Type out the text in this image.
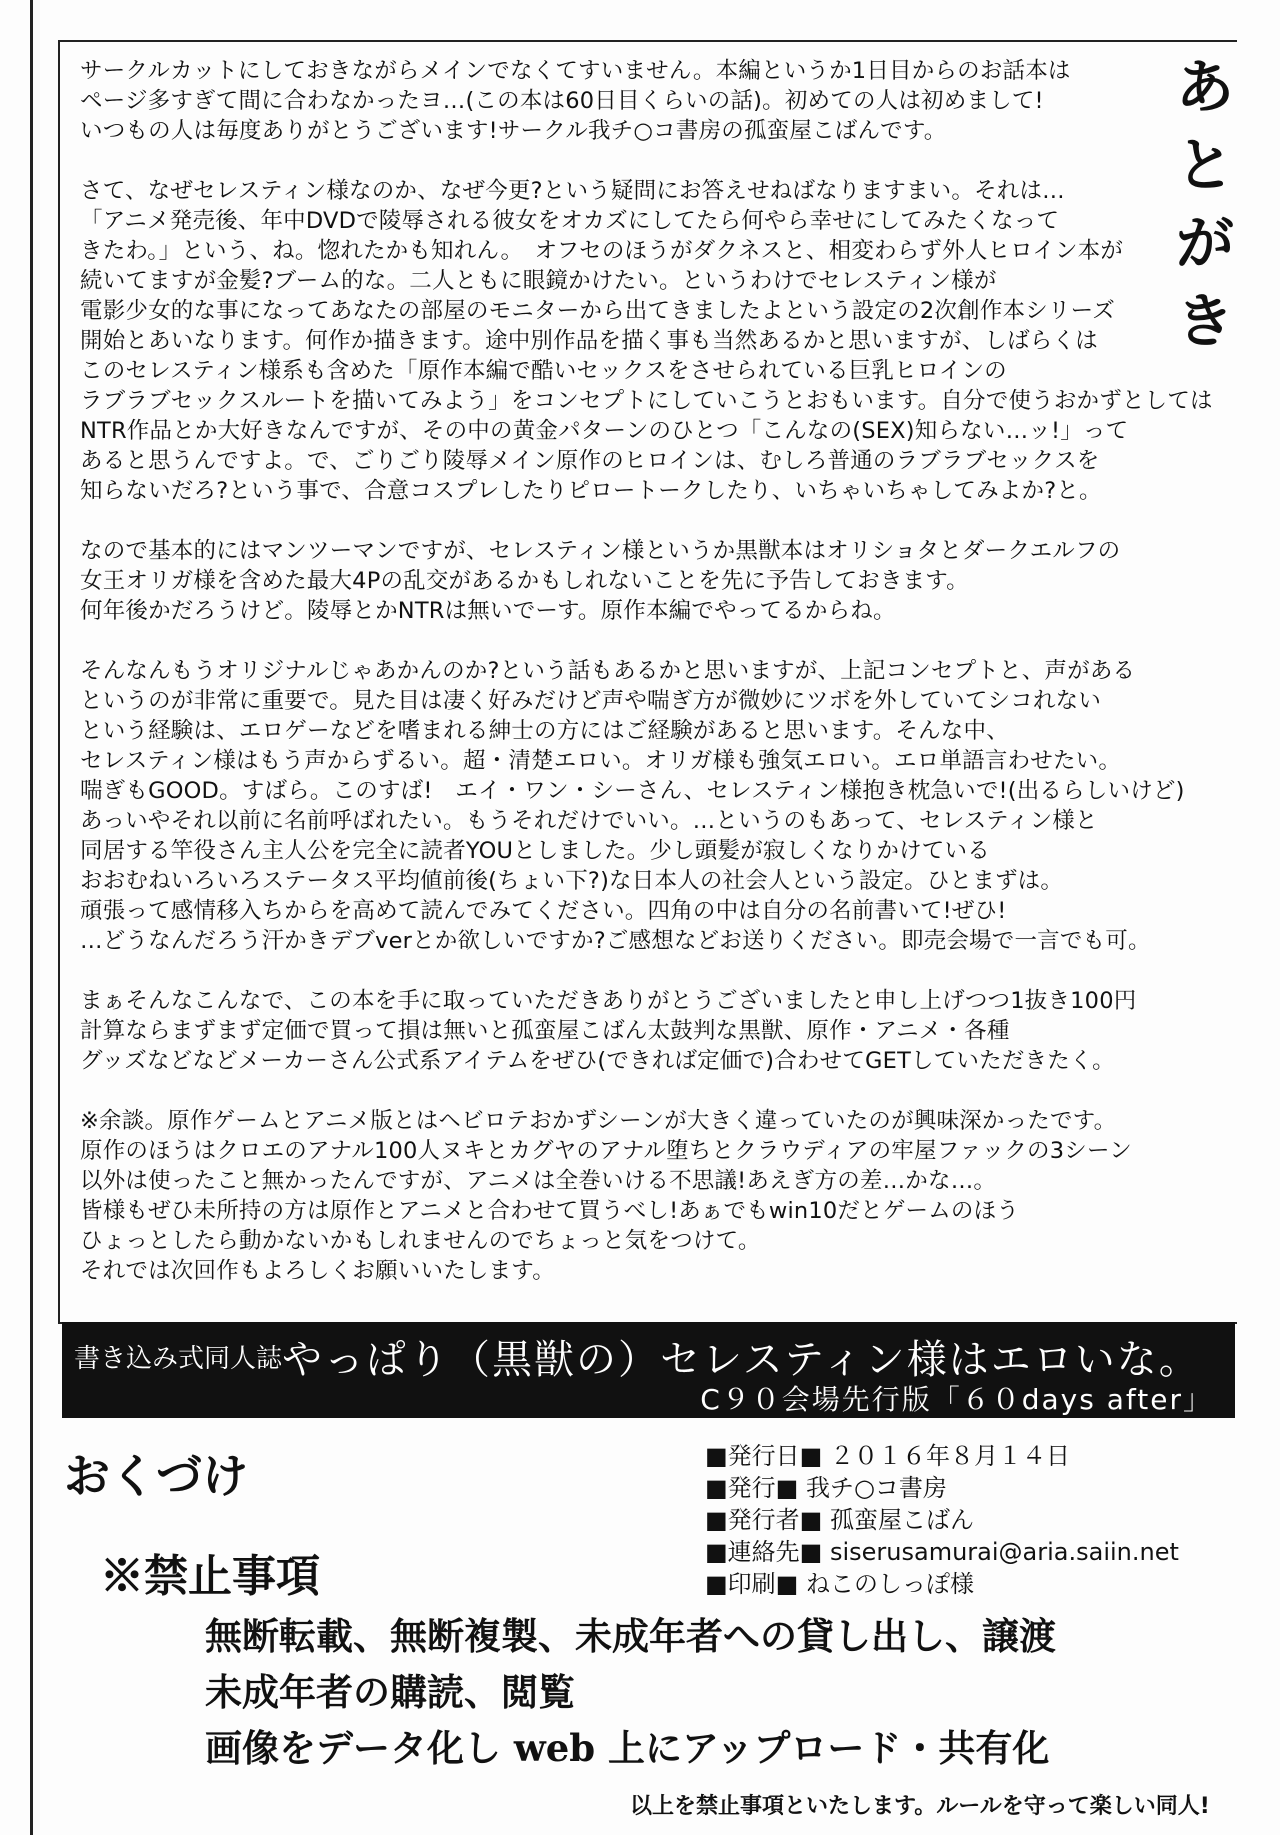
あ
と
が
き
サークルカットにしておきながらメインでなくてすいません。本編というか1日目からのお話本は
ページ多すぎて間に合わなかったヨ…(この本は60日目くらいの話)。初めての人は初めまして!
いつもの人は毎度ありがとうございます!サークル我チ○コ書房の孤蛮屋こばんです。
さて、なぜセレスティン様なのか、なぜ今更?という疑問にお答えせねばなりますまい。それは…
「アニメ発売後、年中DVDで陵辱される彼女をオカズにしてたら何やら幸せにしてみたくなって
きたわ。」という、ね。惚れたかも知れん。　オフセのほうがダクネスと、相変わらず外人ヒロイン本が
続いてますが金髪?ブーム的な。二人ともに眼鏡かけたい。というわけでセレスティン様が
電影少女的な事になってあなたの部屋のモニターから出てきましたよという設定の2次創作本シリーズ
開始とあいなります。何作か描きます。途中別作品を描く事も当然あるかと思いますが、しばらくは
このセレスティン様系も含めた「原作本編で酷いセックスをさせられている巨乳ヒロインの
ラブラブセックスルートを描いてみよう」をコンセプトにしていこうとおもいます。自分で使うおかずとしては
NTR作品とか大好きなんですが、その中の黄金パターンのひとつ「こんなの(SEX)知らない…ッ!」って
あると思うんですよ。で、ごりごり陵辱メイン原作のヒロインは、むしろ普通のラブラブセックスを
知らないだろ?という事で、合意コスプレしたりピロートークしたり、いちゃいちゃしてみよか?と。
なので基本的にはマンツーマンですが、セレスティン様というか黒獣本はオリショタとダークエルフの
女王オリガ様を含めた最大4Pの乱交があるかもしれないことを先に予告しておきます。
何年後かだろうけど。陵辱とかNTRは無いでーす。原作本編でやってるからね。
そんなんもうオリジナルじゃあかんのか?という話もあるかと思いますが、上記コンセプトと、声がある
というのが非常に重要で。見た目は凄く好みだけど声や喘ぎ方が微妙にツボを外していてシコれない
という経験は、エロゲーなどを嗜まれる紳士の方にはご経験があると思います。そんな中、
セレスティン様はもう声からずるい。超・清楚エロい。オリガ様も強気エロい。エロ単語言わせたい。
喘ぎもGOOD。すばら。このすば!　エイ・ワン・シーさん、セレスティン様抱き枕急いで!(出るらしいけど)
あっいやそれ以前に名前呼ばれたい。もうそれだけでいい。…というのもあって、セレスティン様と
同居する竿役さん主人公を完全に読者YOUとしました。少し頭髪が寂しくなりかけている
おおむねいろいろステータス平均値前後(ちょい下?)な日本人の社会人という設定。ひとまずは。
頑張って感情移入ちからを高めて読んでみてください。四角の中は自分の名前書いて!ぜひ!
…どうなんだろう汗かきデブverとか欲しいですか?ご感想などお送りください。即売会場で一言でも可。
まぁそんなこんなで、この本を手に取っていただきありがとうございましたと申し上げつつ1抜き100円
計算ならまずまず定価で買って損は無いと孤蛮屋こばん太鼓判な黒獣、原作・アニメ・各種
グッズなどなどメーカーさん公式系アイテムをぜひ(できれば定価で)合わせてGETしていただきたく。
※余談。原作ゲームとアニメ版とはヘビロテおかずシーンが大きく違っていたのが興味深かったです。
原作のほうはクロエのアナル100人ヌキとカグヤのアナル堕ちとクラウディアの牢屋ファックの3シーン
以外は使ったこと無かったんですが、アニメは全巻いける不思議!あえぎ方の差…かな…。
皆様もぜひ未所持の方は原作とアニメと合わせて買うべし!あぁでもwin10だとゲームのほう
ひょっとしたら動かないかもしれませんのでちょっと気をつけて。
それでは次回作もよろしくお願いいたします。
書き込み式同人誌 やっぱり（黒獣の）セレスティン様はエロいな。
C９０会場先行版「６０days after」
おくづけ	■発行日■ ２０１６年８月１４日
■発行■ 我チ○コ書房
■発行者■ 孤蛮屋こばん
■連絡先■ siserusamurai@aria.saiin.net
■印刷■ ねこのしっぽ様
※禁止事項
無断転載、無断複製、未成年者への貸し出し、譲渡
未成年者の購読、閲覧
画像をデータ化し web 上にアップロード・共有化
以上を禁止事項といたします。ルールを守って楽しい同人!
